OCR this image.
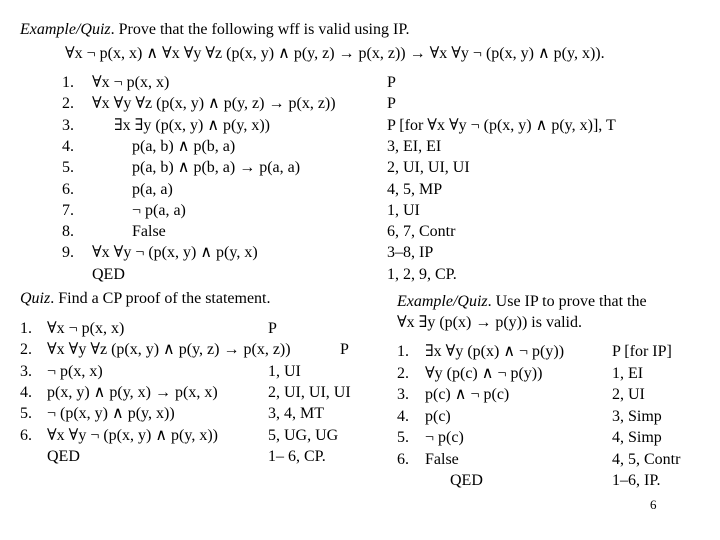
Example/Quiz. Prove that the following wff is valid using IP.
∀x ¬ p(x, x) ∧ ∀x ∀y ∀z (p(x, y) ∧ p(y, z) → p(x, z)) → ∀x ∀y ¬ (p(x, y) ∧ p(y, x)).
1. ∀x ¬ p(x, x)	P
2. ∀x ∀y ∀z (p(x, y) ∧ p(y, z) → p(x, z))	P
3.	∃x ∃y (p(x, y) ∧ p(y, x))	P [for ∀x ∀y ¬ (p(x, y) ∧ p(y, x)], T
4.	p(a, b) ∧ p(b, a)	3, EI, EI
5.	p(a, b) ∧ p(b, a) → p(a, a)	2, UI, UI, UI
6.	p(a, a)	4, 5, MP
7.	¬ p(a, a)	1, UI
8.	False	6, 7, Contr
9. ∀x ∀y ¬ (p(x, y) ∧ p(y, x)	3–8, IP
QED	1, 2, 9, CP.
Quiz. Find a CP proof of the statement.
1. ∀x ¬ p(x, x)	P
2. ∀x ∀y ∀z (p(x, y) ∧ p(y, z) → p(x, z))	P
3. ¬ p(x, x)	1, UI
4. p(x, y) ∧ p(y, x) → p(x, x)	2, UI, UI, UI
5. ¬ (p(x, y) ∧ p(y, x))	3, 4, MT
6. ∀x ∀y ¬ (p(x, y) ∧ p(y, x))	5, UG, UG
QED	1– 6, CP.
Example/Quiz. Use IP to prove that the
∀x ∃y (p(x) → p(y)) is valid.
1. ∃x ∀y (p(x) ∧ ¬ p(y))	P [for IP]
2. ∀y (p(c) ∧ ¬ p(y))	1, EI
3. p(c) ∧ ¬ p(c)	2, UI
4. p(c)	3, Simp
5. ¬ p(c)	4, Simp
6. False	4, 5, Contr
QED	1–6, IP.
6
